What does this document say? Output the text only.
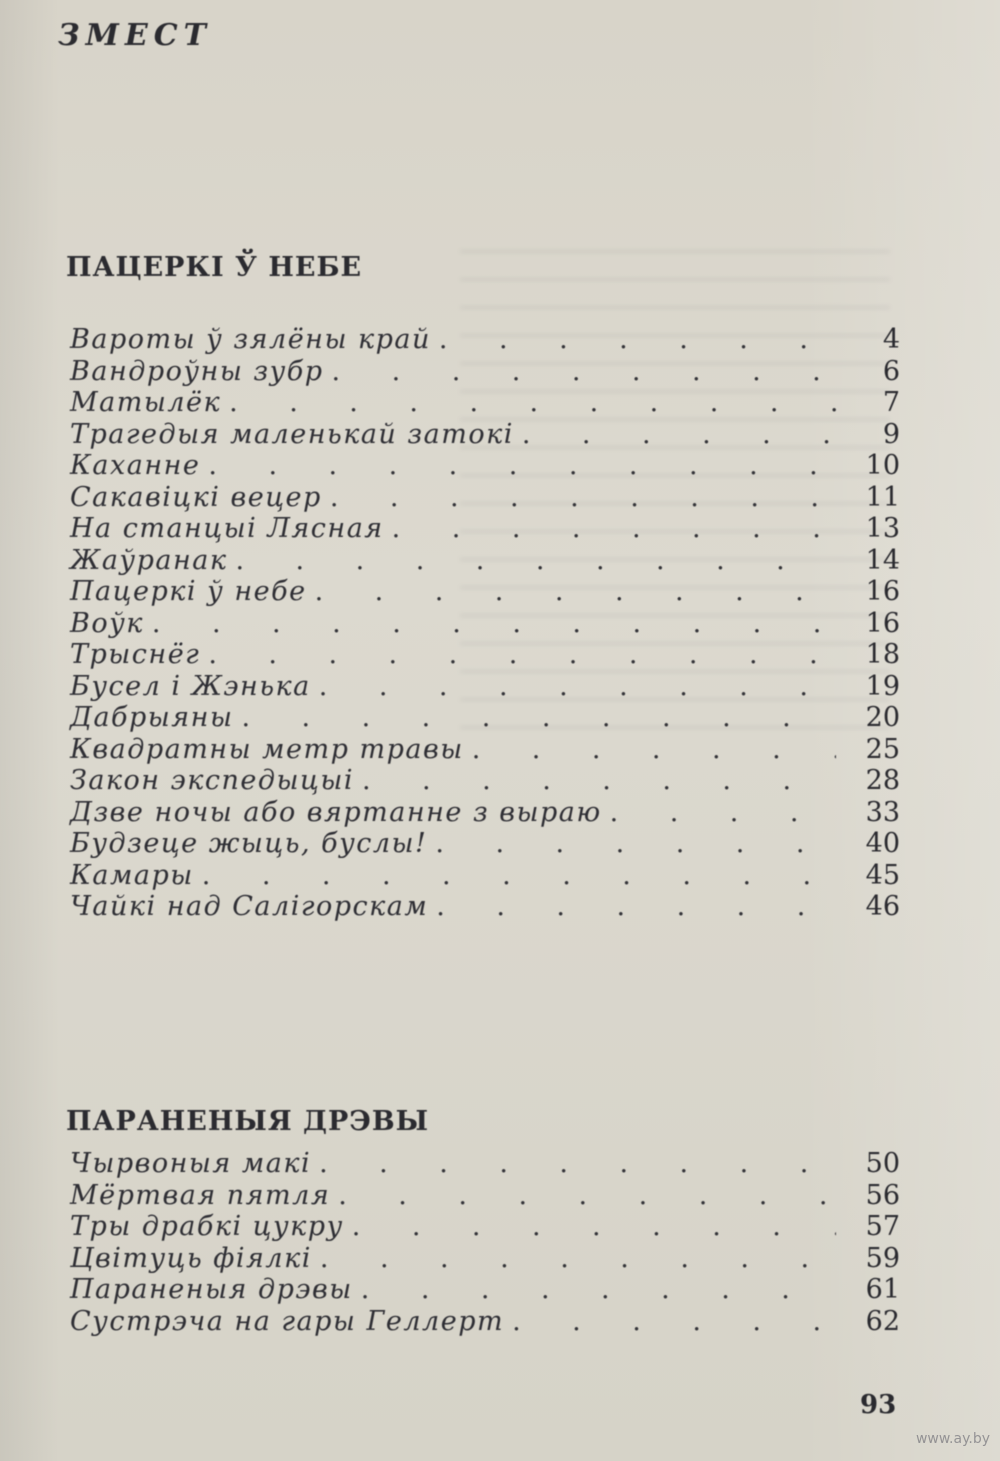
ЗМЕСТ
ПАЦЕРКІ Ў НЕБЕ
Вароты ў зялёны край .	4
Вандроўны зубр .	6
Матылёк .	7
Трагедыя маленькай затокі .	9
Каханне .	10
Сакавіцкі вецер .	11
На станцыі Лясная .	13
Жаўранак .	14
Пацеркі ў небе .	16
Воўк .	16
Трыснёг .	18
Бусел і Жэнька .	19
Дабрыяны .	20
Квадратны метр травы .	25
Закон экспедыцыі .	28
Дзве ночы або вяртанне з выраю .	33
Будзеце жыць, буслы! .	40
Камары .	45
Чайкі над Салігорскам .	46
ПАРАНЕНЫЯ ДРЭВЫ
Чырвоныя макі .	50
Мёртвая пятля .	56
Тры драбкі цукру .	57
Цвітуць фіялкі .	59
Параненыя дрэвы .	61
Сустрэча на гары Геллерт .	62
93
www.ay.by
